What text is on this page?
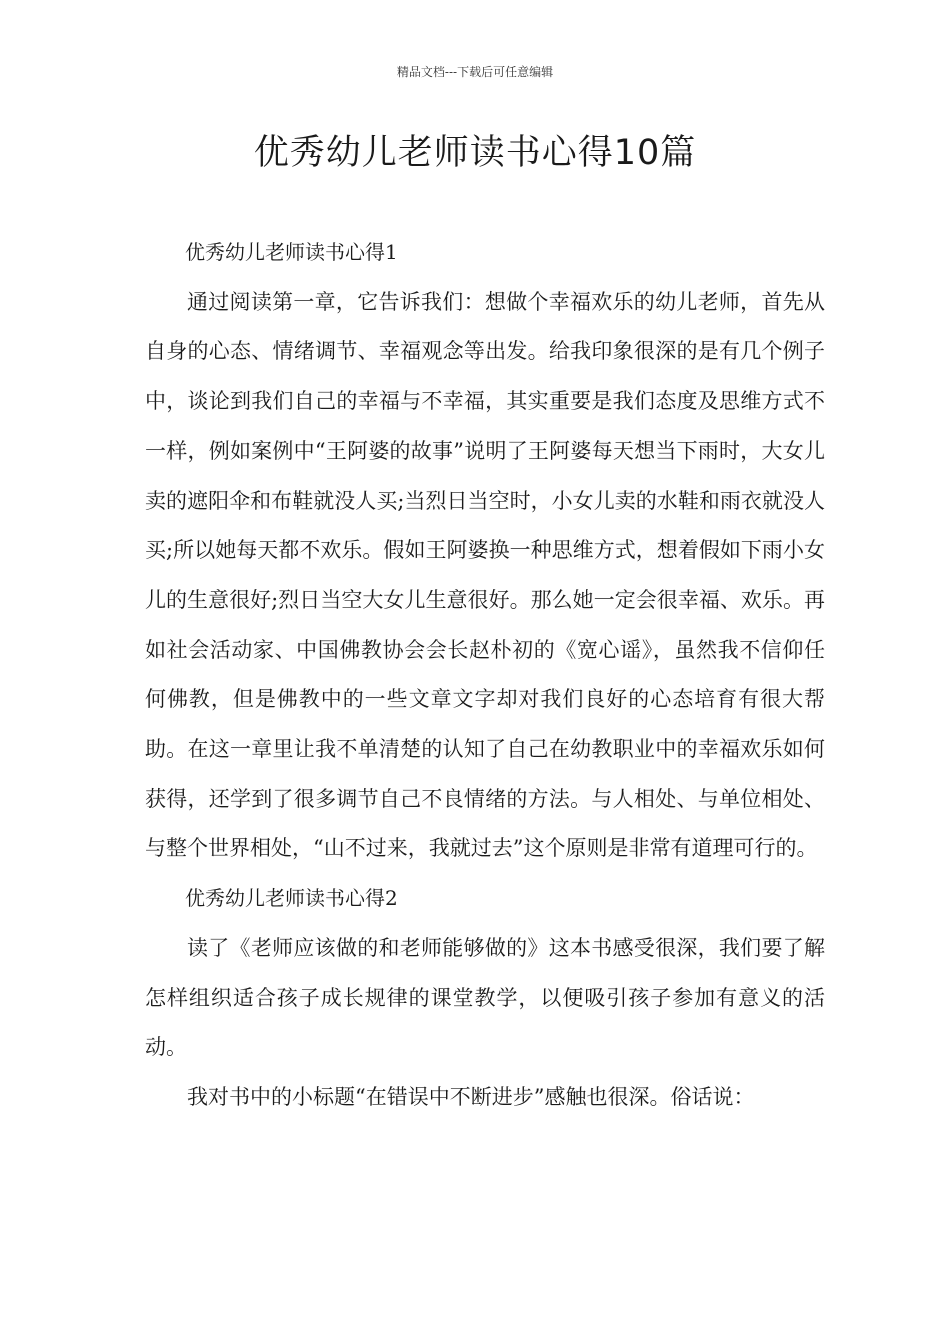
精品文档---下载后可任意编辑
优秀幼儿老师读书心得10篇

优秀幼儿老师读书心得1

通过阅读第一章，它告诉我们：想做个幸福欢乐的幼儿老师，首先从自身的心态、情绪调节、幸福观念等出发。给我印象很深的是有几个例子中，谈论到我们自己的幸福与不幸福，其实重要是我们态度及思维方式不一样，例如案例中“王阿婆的故事”说明了王阿婆每天想当下雨时，大女儿卖的遮阳伞和布鞋就没人买;当烈日当空时，小女儿卖的水鞋和雨衣就没人买;所以她每天都不欢乐。假如王阿婆换一种思维方式，想着假如下雨小女儿的生意很好;烈日当空大女儿生意很好。那么她一定会很幸福、欢乐。再如社会活动家、中国佛教协会会长赵朴初的《宽心谣》，虽然我不信仰任何佛教，但是佛教中的一些文章文字却对我们良好的心态培育有很大帮助。在这一章里让我不单清楚的认知了自己在幼教职业中的幸福欢乐如何获得，还学到了很多调节自己不良情绪的方法。与人相处、与单位相处、与整个世界相处，“山不过来，我就过去”这个原则是非常有道理可行的。

优秀幼儿老师读书心得2

读了《老师应该做的和老师能够做的》这本书感受很深，我们要了解怎样组织适合孩子成长规律的课堂教学，以便吸引孩子参加有意义的活动。

我对书中的小标题“在错误中不断进步”感触也很深。俗话说：
